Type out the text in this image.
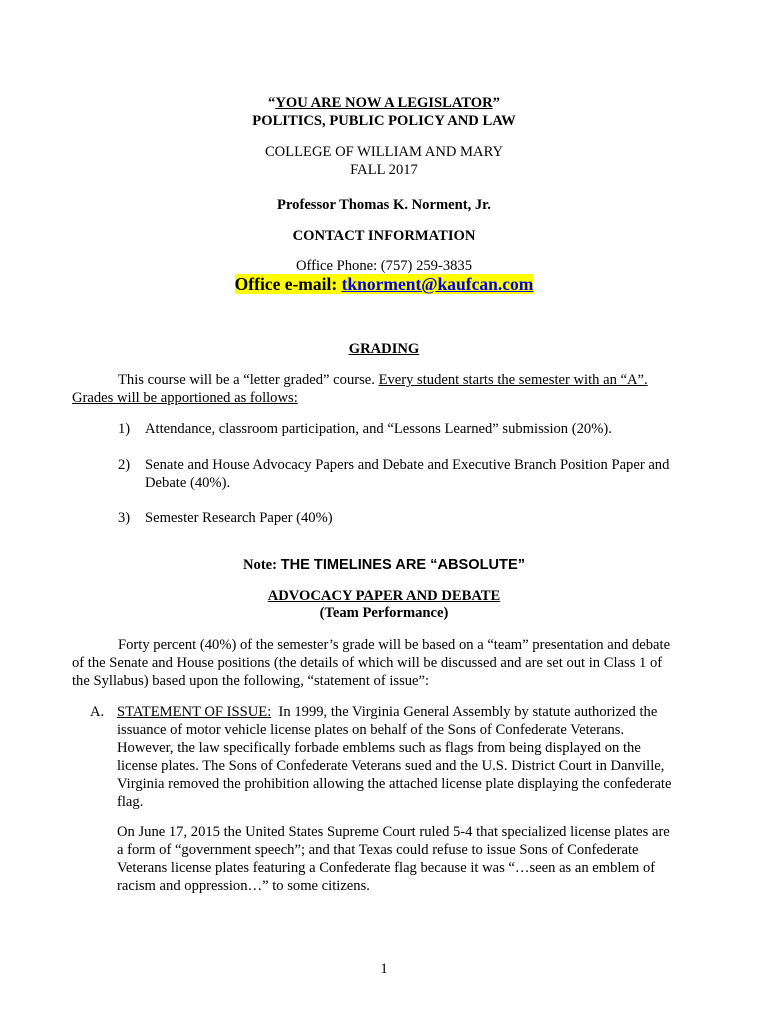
“YOU ARE NOW A LEGISLATOR”
POLITICS, PUBLIC POLICY AND LAW
COLLEGE OF WILLIAM AND MARY
FALL 2017
Professor Thomas K. Norment, Jr.
CONTACT INFORMATION
Office Phone: (757) 259-3835
Office e-mail: tknorment@kaufcan.com
GRADING
This course will be a “letter graded” course. Every student starts the semester with an “A”.
Grades will be apportioned as follows:
1) Attendance, classroom participation, and “Lessons Learned” submission (20%).
2) Senate and House Advocacy Papers and Debate and Executive Branch Position Paper and
Debate (40%).
3) Semester Research Paper (40%)
Note: THE TIMELINES ARE “ABSOLUTE”
ADVOCACY PAPER AND DEBATE
(Team Performance)
Forty percent (40%) of the semester’s grade will be based on a “team” presentation and debate
of the Senate and House positions (the details of which will be discussed and are set out in Class 1 of
the Syllabus) based upon the following, “statement of issue”:
A. STATEMENT OF ISSUE: In 1999, the Virginia General Assembly by statute authorized the
issuance of motor vehicle license plates on behalf of the Sons of Confederate Veterans.
However, the law specifically forbade emblems such as flags from being displayed on the
license plates. The Sons of Confederate Veterans sued and the U.S. District Court in Danville,
Virginia removed the prohibition allowing the attached license plate displaying the confederate
flag.
On June 17, 2015 the United States Supreme Court ruled 5-4 that specialized license plates are
a form of “government speech”; and that Texas could refuse to issue Sons of Confederate
Veterans license plates featuring a Confederate flag because it was “…seen as an emblem of
racism and oppression…” to some citizens.
1
